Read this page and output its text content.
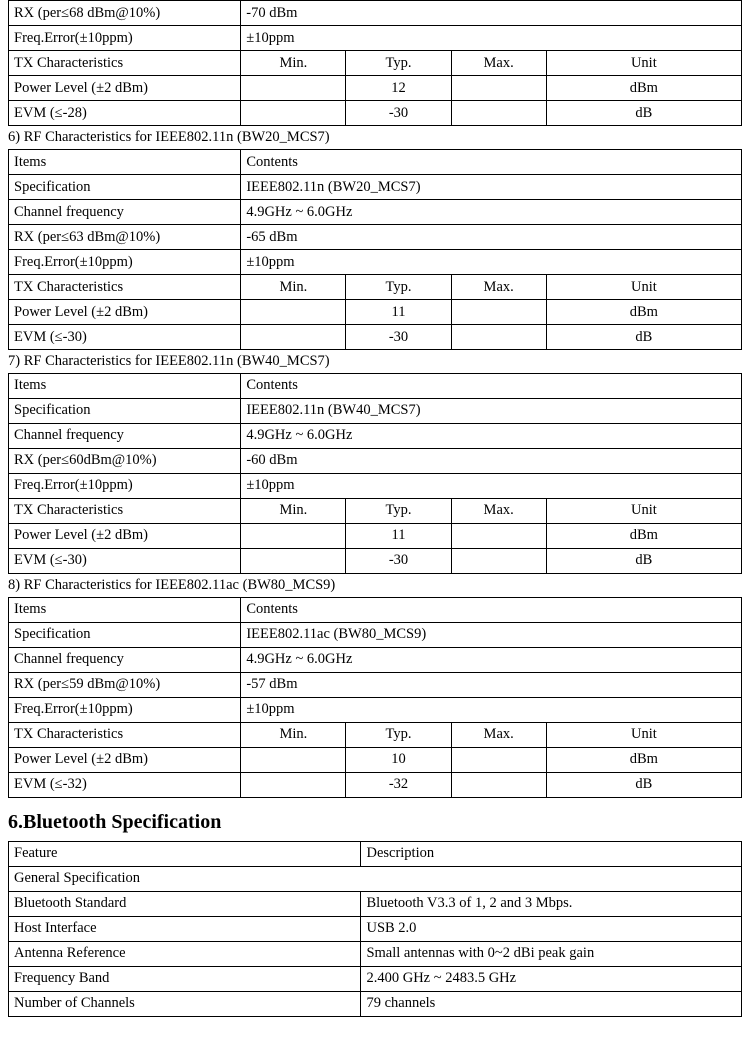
RX (per≤68 dBm@10%)	-70 dBm			
Freq.Error(±10ppm)	±10ppm			
TX Characteristics	Min.	Typ.	Max.	Unit
Power Level (±2 dBm)		12		dBm
EVM (≤-28)		-30		dB
6) RF Characteristics for IEEE802.11n (BW20_MCS7)
Items	Contents			
Specification	IEEE802.11n (BW20_MCS7)			
Channel frequency	4.9GHz ~ 6.0GHz			
RX (per≤63 dBm@10%)	-65 dBm			
Freq.Error(±10ppm)	±10ppm			
TX Characteristics	Min.	Typ.	Max.	Unit
Power Level (±2 dBm)		11		dBm
EVM (≤-30)		-30		dB
7) RF Characteristics for IEEE802.11n (BW40_MCS7)
Items	Contents			
Specification	IEEE802.11n (BW40_MCS7)			
Channel frequency	4.9GHz ~ 6.0GHz			
RX (per≤60dBm@10%)	-60 dBm			
Freq.Error(±10ppm)	±10ppm			
TX Characteristics	Min.	Typ.	Max.	Unit
Power Level (±2 dBm)		11		dBm
EVM (≤-30)		-30		dB
8) RF Characteristics for IEEE802.11ac (BW80_MCS9)
Items	Contents			
Specification	IEEE802.11ac (BW80_MCS9)			
Channel frequency	4.9GHz ~ 6.0GHz			
RX (per≤59 dBm@10%)	-57 dBm			
Freq.Error(±10ppm)	±10ppm			
TX Characteristics	Min.	Typ.	Max.	Unit
Power Level (±2 dBm)		10		dBm
EVM (≤-32)		-32		dB
6.Bluetooth Specification
Feature	Description
General Specification	
Bluetooth Standard	Bluetooth V3.3 of 1, 2 and 3 Mbps.
Host Interface	USB 2.0
Antenna Reference	Small antennas with 0~2 dBi peak gain
Frequency Band	2.400 GHz ~ 2483.5 GHz
Number of Channels	79 channels
